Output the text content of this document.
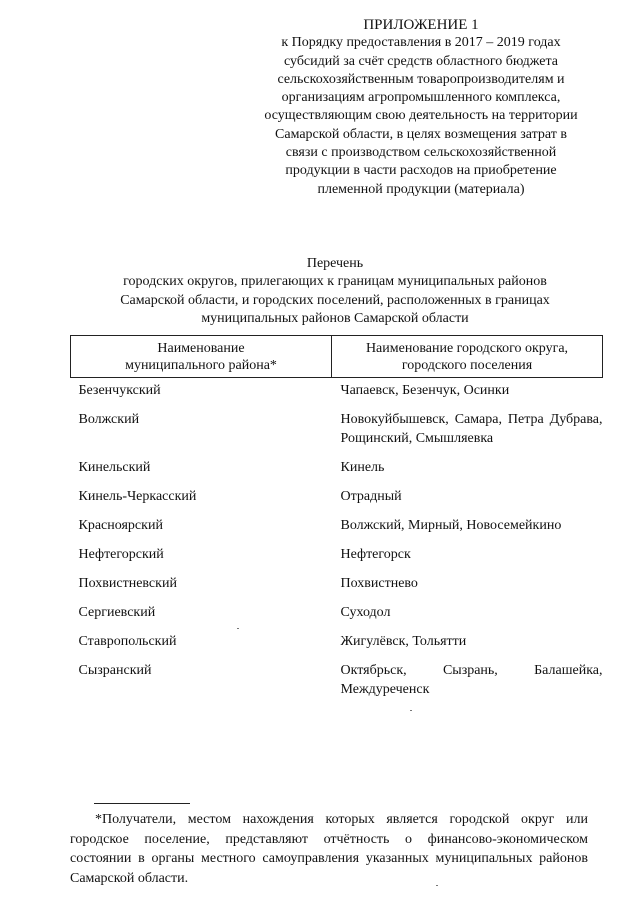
ПРИЛОЖЕНИЕ 1
к Порядку предоставления в 2017 – 2019 годах
субсидий за счёт средств областного бюджета
сельскохозяйственным товаропроизводителям и
организациям агропромышленного комплекса,
осуществляющим свою деятельность на территории
Самарской области, в целях возмещения затрат в
связи с производством сельскохозяйственной
продукции в части расходов на приобретение
племенной продукции (материала)
Перечень
городских округов, прилегающих к границам муниципальных районов
Самарской области, и городских поселений, расположенных в границах
муниципальных районов Самарской области
Наименование
муниципального района*	Наименование городского округа,
городского поселения

Безенчукский	Чапаевск, Безенчук, Осинки
Волжский	Новокуйбышевск, Самара, Петра Дубрава, Рощинский, Смышляевка
Кинельский	Кинель
Кинель-Черкасский	Отрадный
Красноярский	Волжский, Мирный, Новосемейкино
Нефтегорский	Нефтегорск
Похвистневский	Похвистнево
Сергиевский	Суходол
Ставропольский	Жигулёвск, Тольятти
Сызранский	Октябрьск, Сызрань, Балашейка, Междуреченск
*Получатели, местом нахождения которых является городской округ или городское поселение, представляют отчётность о финансово-экономическом состоянии в органы местного самоуправления указанных муниципальных районов Самарской области.
